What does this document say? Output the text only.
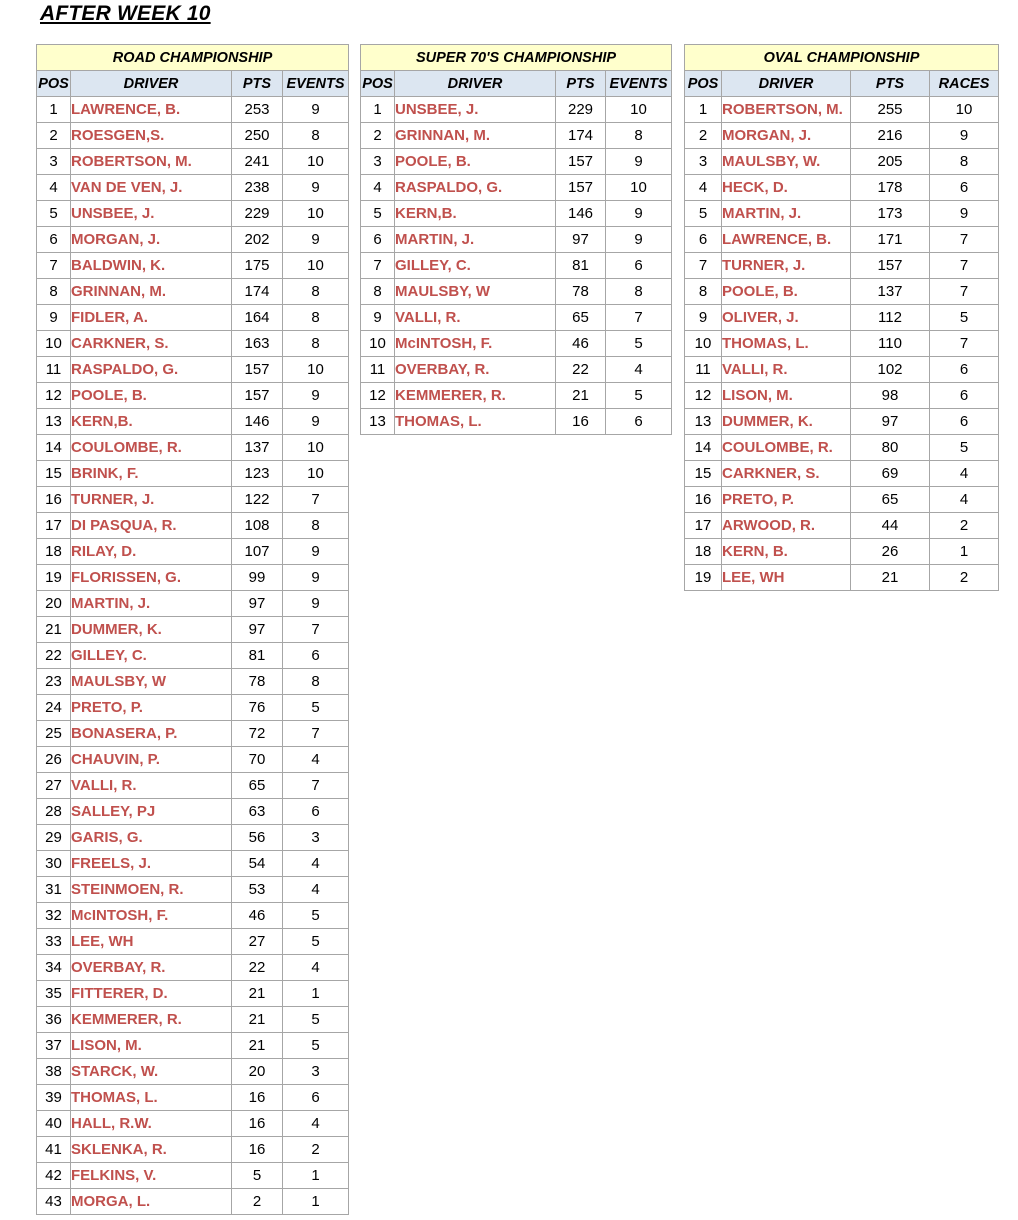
AFTER WEEK 10
ROAD CHAMPIONSHIP			
POS	DRIVER	PTS	EVENTS
1	LAWRENCE, B.	253	9
2	ROESGEN,S.	250	8
3	ROBERTSON, M.	241	10
4	VAN DE VEN, J.	238	9
5	UNSBEE, J.	229	10
6	MORGAN, J.	202	9
7	BALDWIN, K.	175	10
8	GRINNAN, M.	174	8
9	FIDLER, A.	164	8
10	CARKNER, S.	163	8
11	RASPALDO, G.	157	10
12	POOLE, B.	157	9
13	KERN,B.	146	9
14	COULOMBE, R.	137	10
15	BRINK, F.	123	10
16	TURNER, J.	122	7
17	DI PASQUA, R.	108	8
18	RILAY, D.	107	9
19	FLORISSEN, G.	99	9
20	MARTIN, J.	97	9
21	DUMMER, K.	97	7
22	GILLEY, C.	81	6
23	MAULSBY, W	78	8
24	PRETO, P.	76	5
25	BONASERA, P.	72	7
26	CHAUVIN, P.	70	4
27	VALLI, R.	65	7
28	SALLEY, PJ	63	6
29	GARIS, G.	56	3
30	FREELS, J.	54	4
31	STEINMOEN, R.	53	4
32	McINTOSH, F.	46	5
33	LEE, WH	27	5
34	OVERBAY, R.	22	4
35	FITTERER, D.	21	1
36	KEMMERER, R.	21	5
37	LISON, M.	21	5
38	STARCK, W.	20	3
39	THOMAS, L.	16	6
40	HALL, R.W.	16	4
41	SKLENKA, R.	16	2
42	FELKINS, V.	5	1
43	MORGA, L.	2	1
SUPER 70'S CHAMPIONSHIP			
POS	DRIVER	PTS	EVENTS
1	UNSBEE, J.	229	10
2	GRINNAN, M.	174	8
3	POOLE, B.	157	9
4	RASPALDO, G.	157	10
5	KERN,B.	146	9
6	MARTIN, J.	97	9
7	GILLEY, C.	81	6
8	MAULSBY, W	78	8
9	VALLI, R.	65	7
10	McINTOSH, F.	46	5
11	OVERBAY, R.	22	4
12	KEMMERER, R.	21	5
13	THOMAS, L.	16	6
OVAL CHAMPIONSHIP			
POS	DRIVER	PTS	RACES
1	ROBERTSON, M.	255	10
2	MORGAN, J.	216	9
3	MAULSBY, W.	205	8
4	HECK, D.	178	6
5	MARTIN, J.	173	9
6	LAWRENCE, B.	171	7
7	TURNER, J.	157	7
8	POOLE, B.	137	7
9	OLIVER, J.	112	5
10	THOMAS, L.	110	7
11	VALLI, R.	102	6
12	LISON, M.	98	6
13	DUMMER, K.	97	6
14	COULOMBE, R.	80	5
15	CARKNER, S.	69	4
16	PRETO, P.	65	4
17	ARWOOD, R.	44	2
18	KERN, B.	26	1
19	LEE, WH	21	2
